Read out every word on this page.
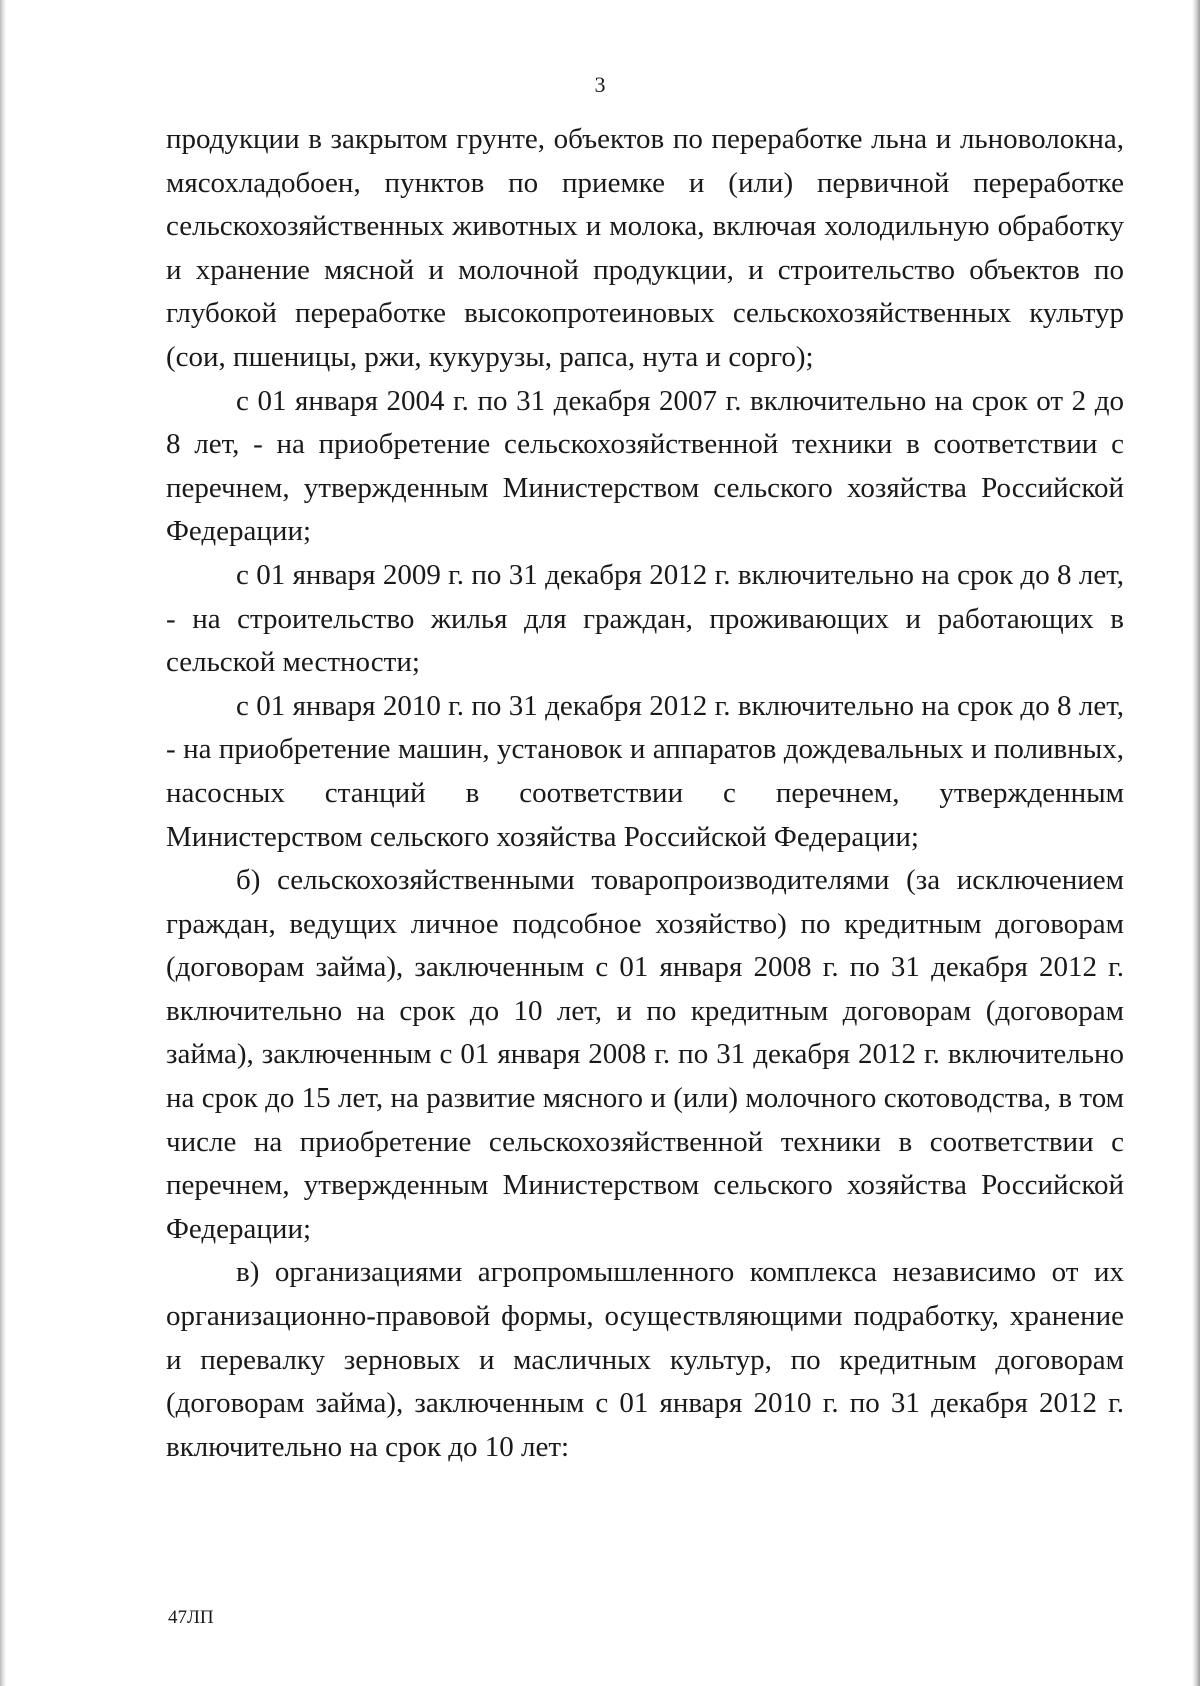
3

продукции в закрытом грунте, объектов по переработке льна и льноволокна, мясохладобоен, пунктов по приемке и (или) первичной переработке сельскохозяйственных животных и молока, включая холодильную обработку и хранение мясной и молочной продукции, и строительство объектов по глубокой переработке высокопротеиновых сельскохозяйственных культур (сои, пшеницы, ржи, кукурузы, рапса, нута и сорго);

с 01 января 2004 г. по 31 декабря 2007 г. включительно на срок от 2 до 8 лет, - на приобретение сельскохозяйственной техники в соответствии с перечнем, утвержденным Министерством сельского хозяйства Российской Федерации;

с 01 января 2009 г. по 31 декабря 2012 г. включительно на срок до 8 лет, - на строительство жилья для граждан, проживающих и работающих в сельской местности;

с 01 января 2010 г. по 31 декабря 2012 г. включительно на срок до 8 лет, - на приобретение машин, установок и аппаратов дождевальных и поливных, насосных станций в соответствии с перечнем, утвержденным Министерством сельского хозяйства Российской Федерации;

б) сельскохозяйственными товаропроизводителями (за исключением граждан, ведущих личное подсобное хозяйство) по кредитным договорам (договорам займа), заключенным с 01 января 2008 г. по 31 декабря 2012 г. включительно на срок до 10 лет, и по кредитным договорам (договорам займа), заключенным с 01 января 2008 г. по 31 декабря 2012 г. включительно на срок до 15 лет, на развитие мясного и (или) молочного скотоводства, в том числе на приобретение сельскохозяйственной техники в соответствии с перечнем, утвержденным Министерством сельского хозяйства Российской Федерации;

в) организациями агропромышленного комплекса независимо от их организационно-правовой формы, осуществляющими подработку, хранение и перевалку зерновых и масличных культур, по кредитным договорам (договорам займа), заключенным с 01 января 2010 г. по 31 декабря 2012 г. включительно на срок до 10 лет:

47ЛП
